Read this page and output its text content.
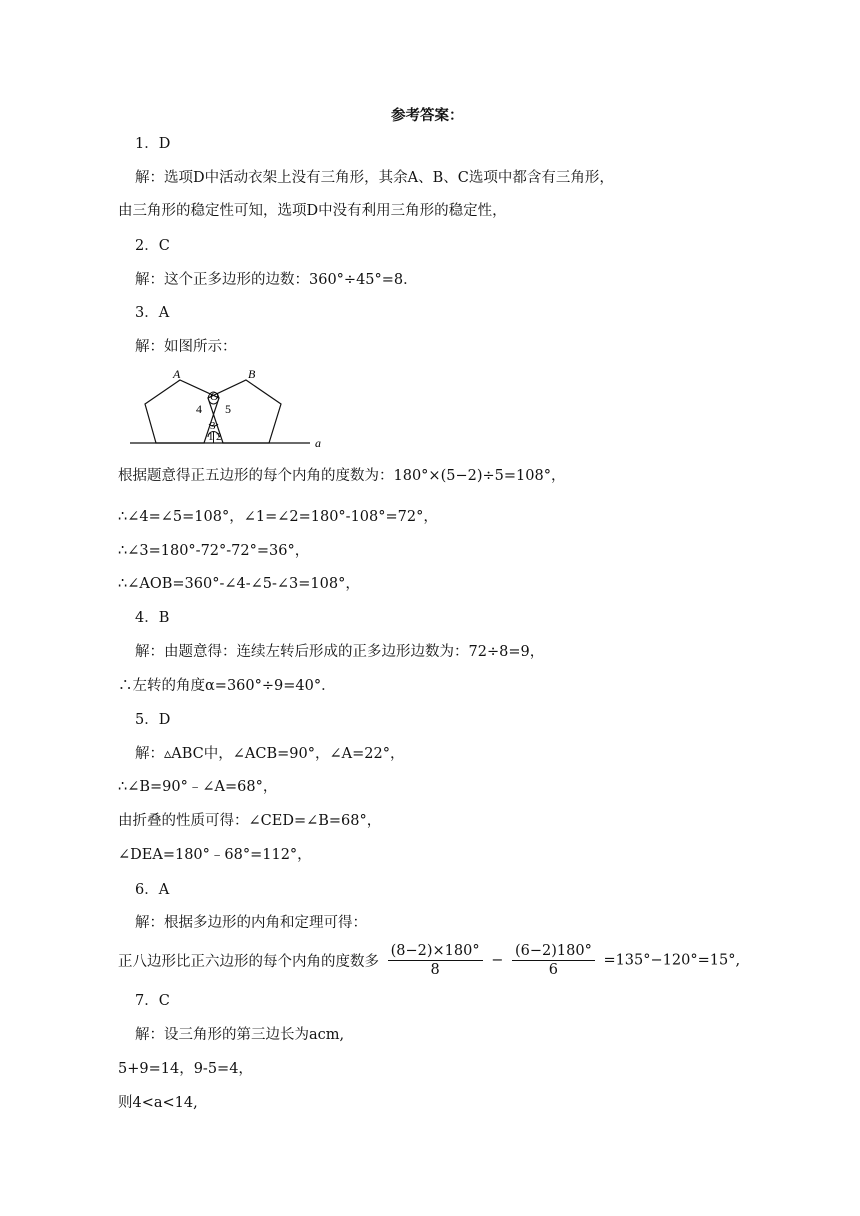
参考答案：
1．D
解：选项D中活动衣架上没有三角形，其余A、B、C选项中都含有三角形，
由三角形的稳定性可知，选项D中没有利用三角形的稳定性，
2．C
解：这个正多边形的边数：360°÷45°=8．
3．A
解：如图所示：
A
O
B
4 5
3
1 2	a
根据题意得正五边形的每个内角的度数为：180°×(5−2)÷5=108°，
∴∠4=∠5=108°，∠1=∠2=180°-108°=72°，
∴∠3=180°-72°-72°=36°，
∴∠AOB=360°-∠4-∠5-∠3=108°，
4．B
解：由题意得：连续左转后形成的正多边形边数为：72÷8=9，
∴左转的角度α=360°÷9=40°．
5．D
解：▵ABC中，∠ACB=90°，∠A=22°，
∴∠B=90°﹣∠A=68°，
由折叠的性质可得：∠CED=∠B=68°，
∠DEA=180°﹣68°=112°，
6．A
解：根据多边形的内角和定理可得：
正八边形比正六边形的每个内角的度数多 $\frac{(8-2)\times 180^\circ}{8} - \frac{(6-2)180^\circ}{6} =135^\circ-120^\circ=15^\circ$,
7．C
解：设三角形的第三边长为acm,
5+9=14，9-5=4，
则4<a<14,
